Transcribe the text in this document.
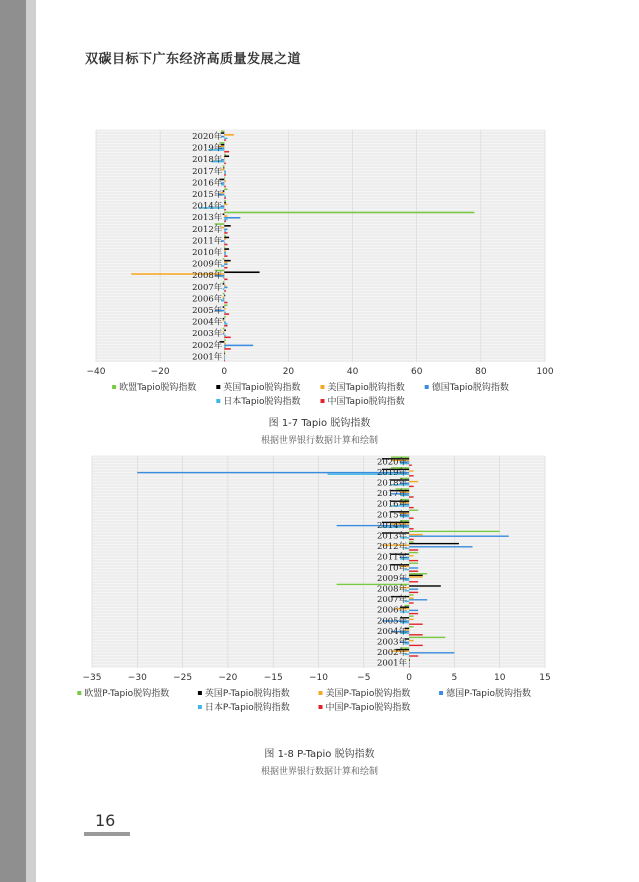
双碳目标下广东经济高质量发展之道
2020年
2019年
2018年
2017年
2016年
2015年
2014年
2013年
2012年
2011年
2010年
2009年
2008年
2007年
2006年
2005年
2004年
2003年
2002年
2001年
−40	−20	0	20	40	60	80	100
欧盟Tapio脱钩指数	英国Tapio脱钩指数	美国Tapio脱钩指数	德国Tapio脱钩指数
日本Tapio脱钩指数	中国Tapio脱钩指数
图 1-7 Tapio 脱钩指数
根据世界银行数据计算和绘制
2020年
2019年
2018年
2017年
2016年
2015年
2014年
2013年
2012年
2011年
2010年
2009年
2008年
2007年
2006年
2005年
2004年
2003年
2002年
2001年
−35	−30	−25	−20	−15	−10	−5	0	5	10	15
欧盟P-Tapio脱钩指数	英国P-Tapio脱钩指数	美国P-Tapio脱钩指数	德国P-Tapio脱钩指数
日本P-Tapio脱钩指数	中国P-Tapio脱钩指数
图 1-8 P-Tapio 脱钩指数
根据世界银行数据计算和绘制
16
